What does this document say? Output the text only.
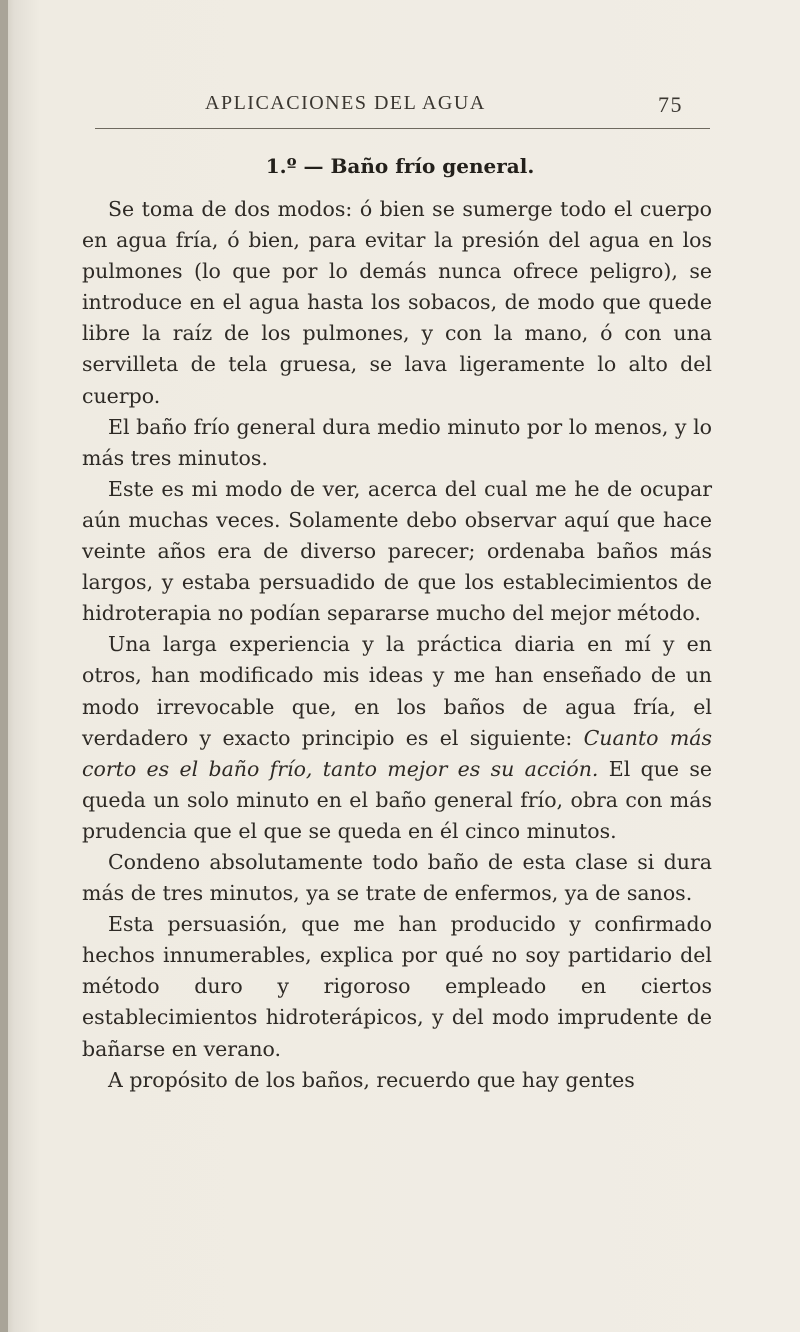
APLICACIONES DEL AGUA	75
1.º — Baño frío general.

Se toma de dos modos: ó bien se sumerge todo el cuerpo en agua fría, ó bien, para evitar la presión del agua en los pulmones (lo que por lo demás nunca ofrece peligro), se introduce en el agua hasta los sobacos, de modo que quede libre la raíz de los pulmones, y con la mano, ó con una servilleta de tela gruesa, se lava ligeramente lo alto del cuerpo.

El baño frío general dura medio minuto por lo menos, y lo más tres minutos.

Este es mi modo de ver, acerca del cual me he de ocupar aún muchas veces. Solamente debo observar aquí que hace veinte años era de diverso parecer; ordenaba baños más largos, y estaba persuadido de que los establecimientos de hidroterapia no podían separarse mucho del mejor método.

Una larga experiencia y la práctica diaria en mí y en otros, han modificado mis ideas y me han enseñado de un modo irrevocable que, en los baños de agua fría, el verdadero y exacto principio es el siguiente: Cuanto más corto es el baño frío, tanto mejor es su acción. El que se queda un solo minuto en el baño general frío, obra con más prudencia que el que se queda en él cinco minutos.

Condeno absolutamente todo baño de esta clase si dura más de tres minutos, ya se trate de enfermos, ya de sanos.

Esta persuasión, que me han producido y confirmado hechos innumerables, explica por qué no soy partidario del método duro y rigoroso empleado en ciertos establecimientos hidroterápicos, y del modo imprudente de bañarse en verano.

A propósito de los baños, recuerdo que hay gentes
